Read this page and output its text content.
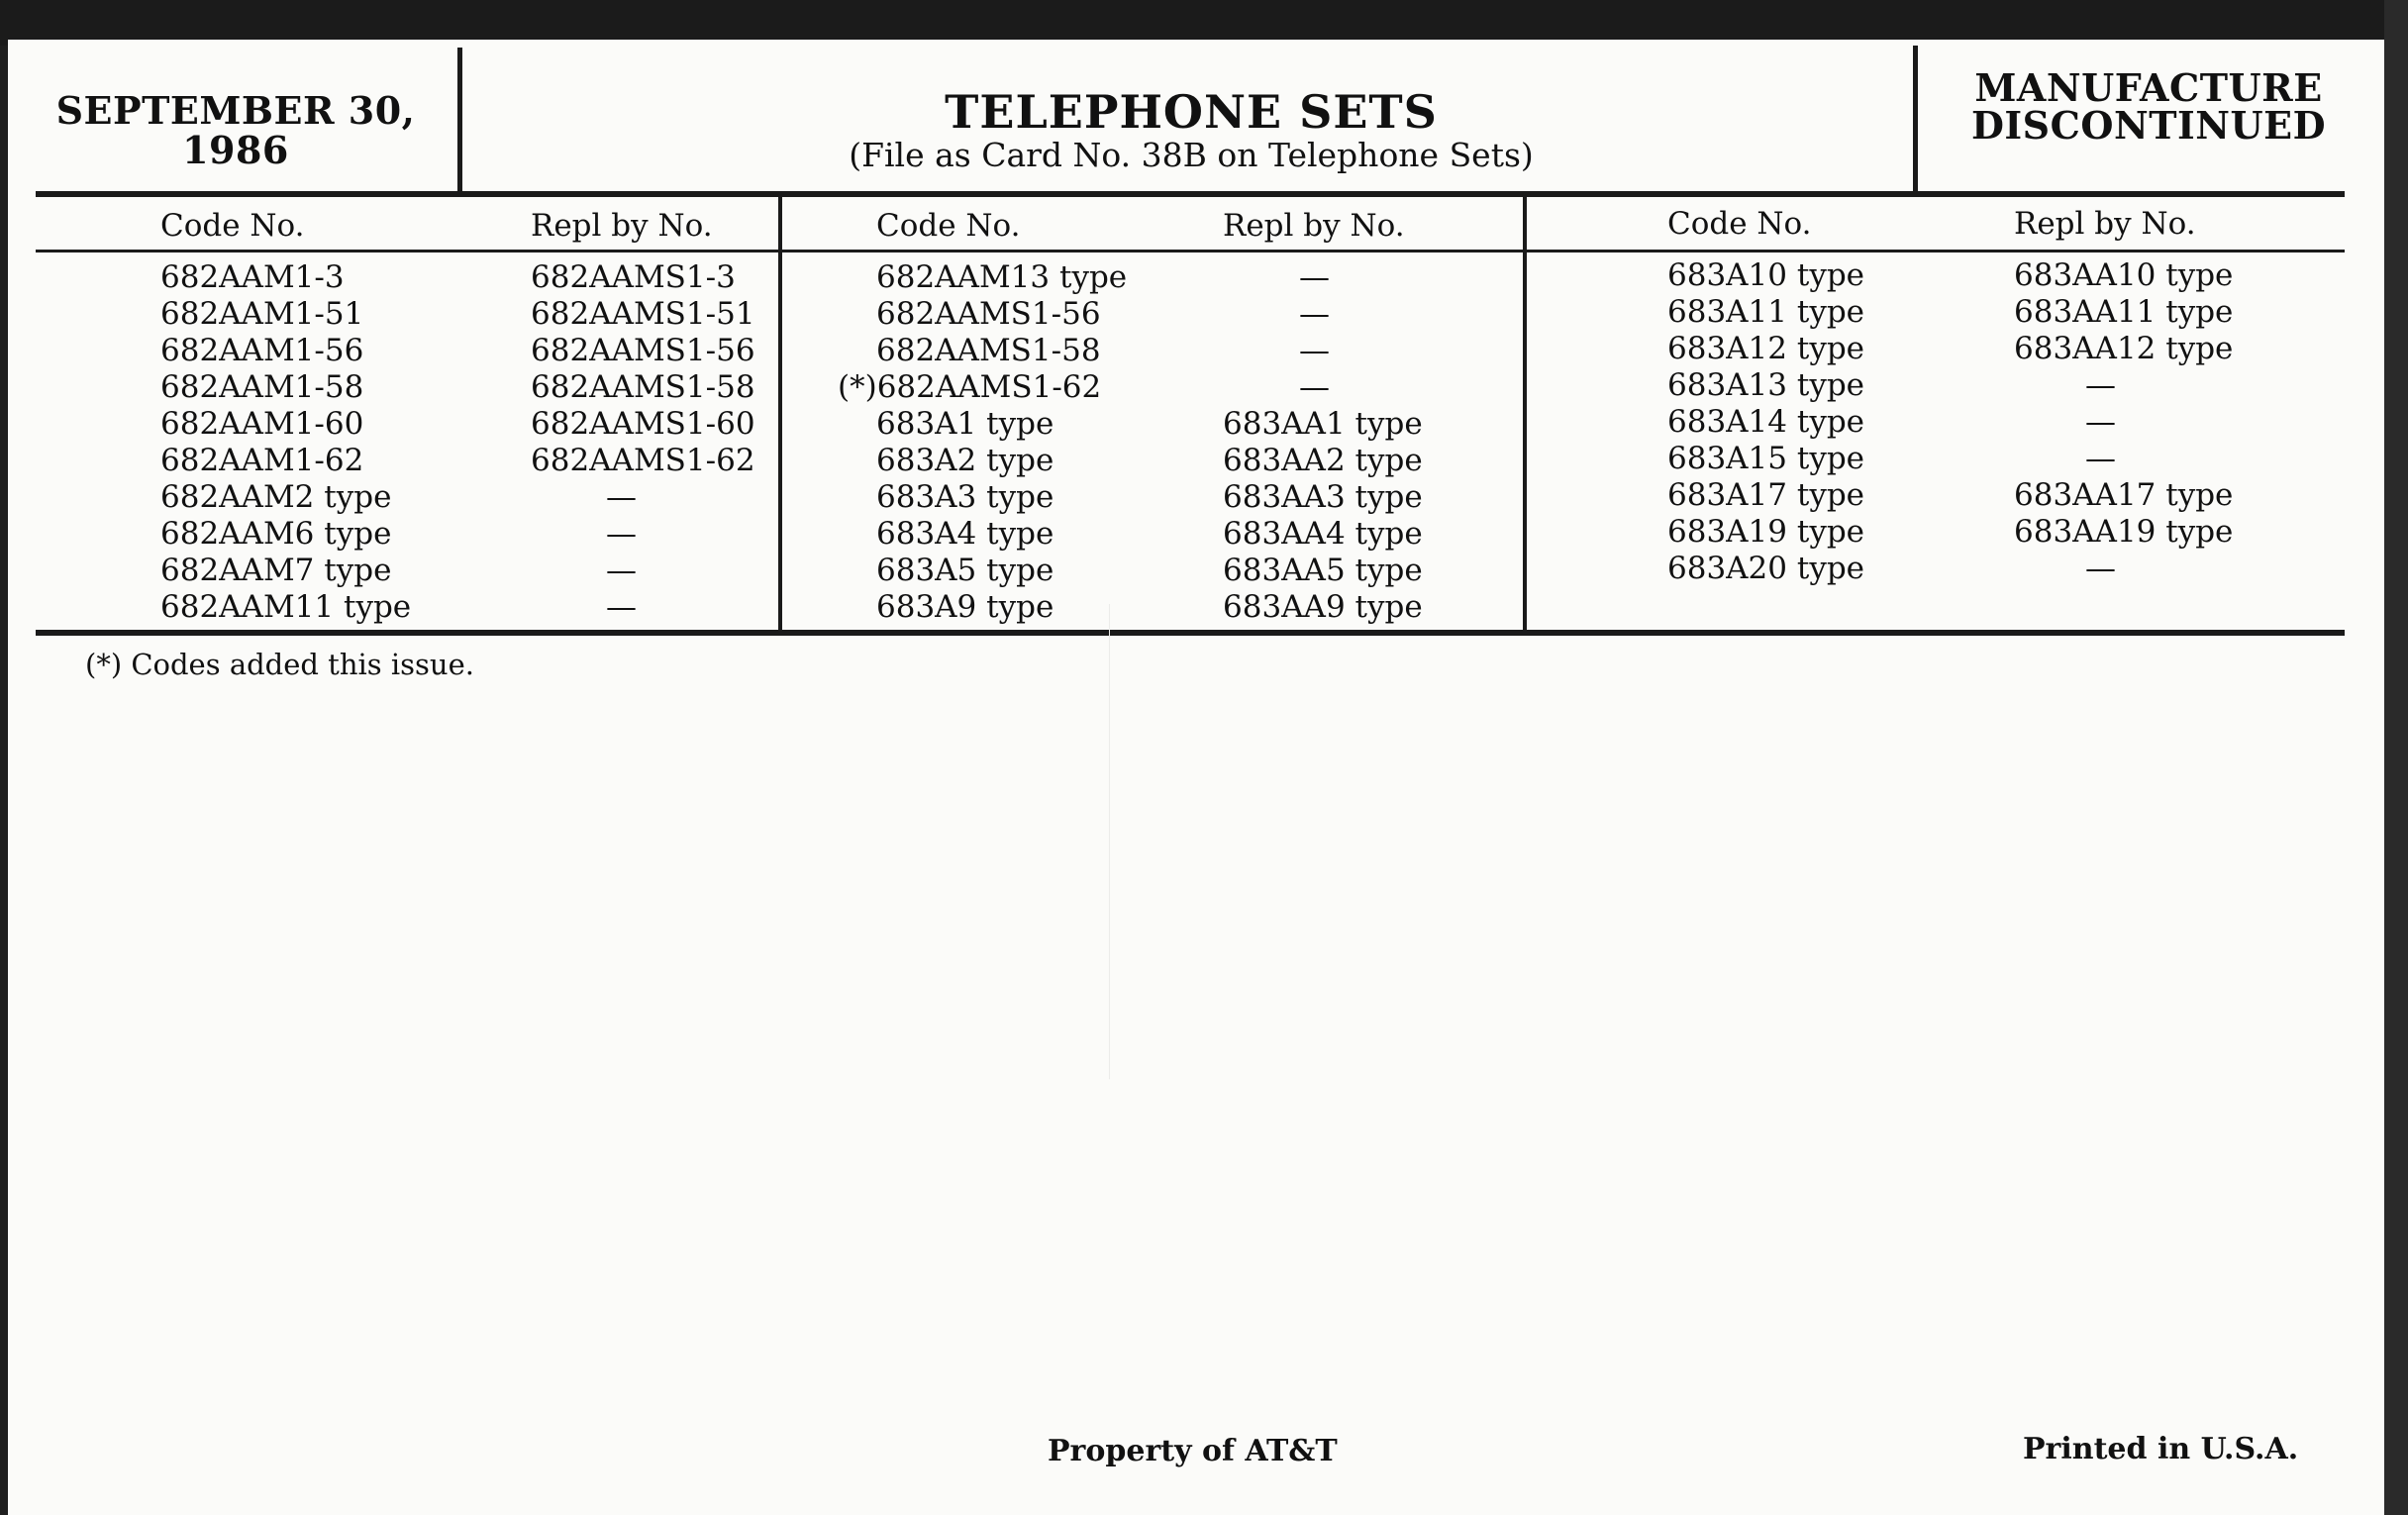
SEPTEMBER 30,
1986
TELEPHONE SETS
(File as Card No. 38B on Telephone Sets)
MANUFACTURE
DISCONTINUED
Code No.	Repl by No.	Code No.	Repl by No.	Code No.	Repl by No.
682AAM1-3	682AAMS1-3
682AAM1-51	682AAMS1-51
682AAM1-56	682AAMS1-56
682AAM1-58	682AAMS1-58
682AAM1-60	682AAMS1-60
682AAM1-62	682AAMS1-62
682AAM2 type	—
682AAM6 type	—
682AAM7 type	—
682AAM11 type	—
682AAM13 type	—
682AAMS1-56	—
682AAMS1-58	—
(*)682AAMS1-62	—
683A1 type	683AA1 type
683A2 type	683AA2 type
683A3 type	683AA3 type
683A4 type	683AA4 type
683A5 type	683AA5 type
683A9 type	683AA9 type
683A10 type	683AA10 type
683A11 type	683AA11 type
683A12 type	683AA12 type
683A13 type	—
683A14 type	—
683A15 type	—
683A17 type	683AA17 type
683A19 type	683AA19 type
683A20 type	—
(*) Codes added this issue.
Property of AT&T	Printed in U.S.A.
